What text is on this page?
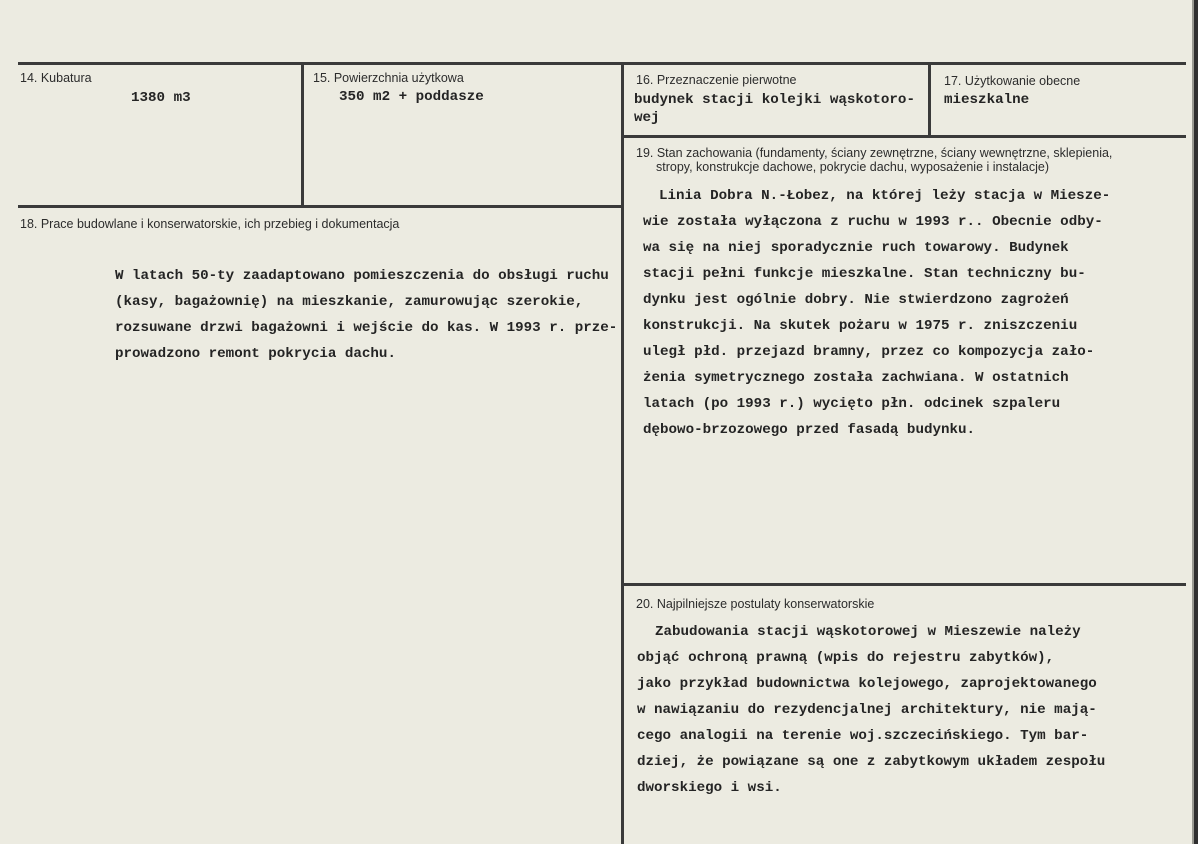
14. Kubatura
1380 m3
15. Powierzchnia użytkowa
350 m2 + poddasze
16. Przeznaczenie pierwotne
budynek stacji kolejki wąskotoro-
wej
17. Użytkowanie obecne
mieszkalne
18. Prace budowlane i konserwatorskie, ich przebieg i dokumentacja
W latach 50-ty zaadaptowano pomieszczenia do obsługi ruchu
(kasy, bagażownię) na mieszkanie, zamurowując szerokie,
rozsuwane drzwi bagażowni i wejście do kas. W 1993 r. prze-
prowadzono remont pokrycia dachu.
19. Stan zachowania (fundamenty, ściany zewnętrzne, ściany wewnętrzne, sklepienia,
stropy, konstrukcje dachowe, pokrycie dachu, wyposażenie i instalacje)
Linia Dobra N.-Łobez, na której leży stacja w Miesze-
wie została wyłączona z ruchu w 1993 r.. Obecnie odby-
wa się na niej sporadycznie ruch towarowy. Budynek
stacji pełni funkcje mieszkalne. Stan techniczny bu-
dynku jest ogólnie dobry. Nie stwierdzono zagrożeń
konstrukcji. Na skutek pożaru w 1975 r. zniszczeniu
uległ płd. przejazd bramny, przez co kompozycja zało-
żenia symetrycznego została zachwiana. W ostatnich
latach (po 1993 r.) wycięto płn. odcinek szpaleru
dębowo-brzozowego przed fasadą budynku.
20. Najpilniejsze postulaty konserwatorskie
Zabudowania stacji wąskotorowej w Mieszewie należy
objąć ochroną prawną (wpis do rejestru zabytków),
jako przykład budownictwa kolejowego, zaprojektowanego
w nawiązaniu do rezydencjalnej architektury, nie mają-
cego analogii na terenie woj.szczecińskiego. Tym bar-
dziej, że powiązane są one z zabytkowym układem zespołu
dworskiego i wsi.
